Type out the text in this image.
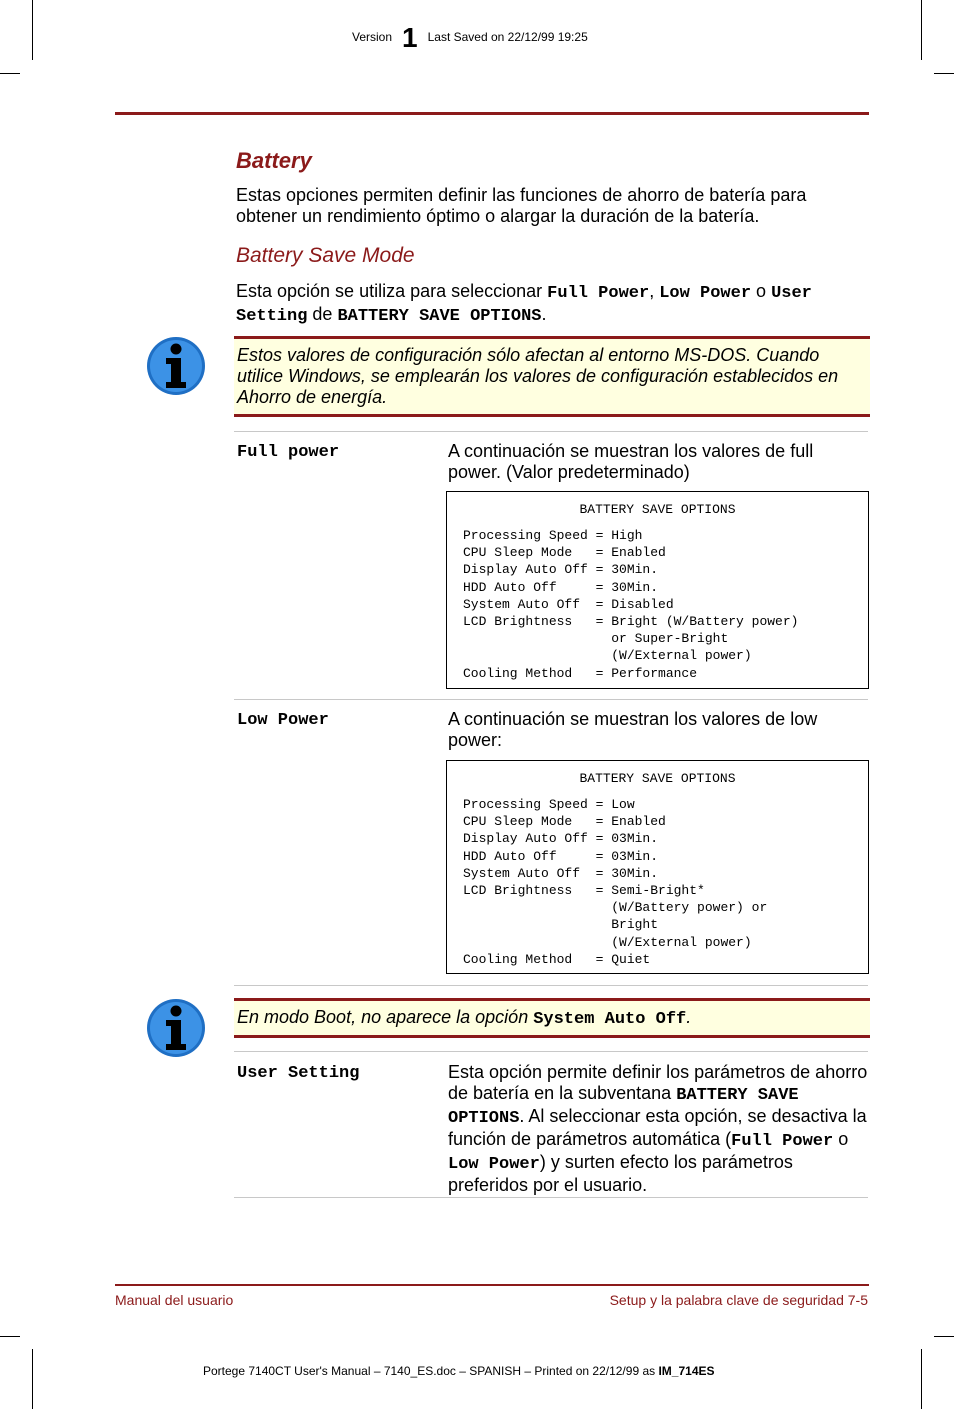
Version 1 Last Saved on 22/12/99 19:25
Battery
Estas opciones permiten definir las funciones de ahorro de batería para obtener un rendimiento óptimo o alargar la duración de la batería.
Battery Save Mode
Esta opción se utiliza para seleccionar Full Power, Low Power o User Setting de BATTERY SAVE OPTIONS.
Estos valores de configuración sólo afectan al entorno MS-DOS. Cuando utilice Windows, se emplearán los valores de configuración establecidos en Ahorro de energía.
Full power	A continuación se muestran los valores de full power. (Valor predeterminado)
BATTERY SAVE OPTIONS
Processing Speed = High
CPU Sleep Mode   = Enabled
Display Auto Off = 30Min.
HDD Auto Off     = 30Min.
System Auto Off  = Disabled
LCD Brightness   = Bright (W/Battery power)
or Super-Bright
(W/External power)
Cooling Method   = Performance
Low Power	A continuación se muestran los valores de low power:
BATTERY SAVE OPTIONS
Processing Speed = Low
CPU Sleep Mode   = Enabled
Display Auto Off = 03Min.
HDD Auto Off     = 03Min.
System Auto Off  = 30Min.
LCD Brightness   = Semi-Bright*
(W/Battery power) or
Bright
(W/External power)
Cooling Method   = Quiet
En modo Boot, no aparece la opción System Auto Off.
User Setting	Esta opción permite definir los parámetros de ahorro de batería en la subventana BATTERY SAVE OPTIONS. Al seleccionar esta opción, se desactiva la función de parámetros automática (Full Power o Low Power) y surten efecto los parámetros preferidos por el usuario.
Manual del usuario	Setup y la palabra clave de seguridad 7-5
Portege 7140CT User's Manual – 7140_ES.doc – SPANISH – Printed on 22/12/99 as IM_714ES
